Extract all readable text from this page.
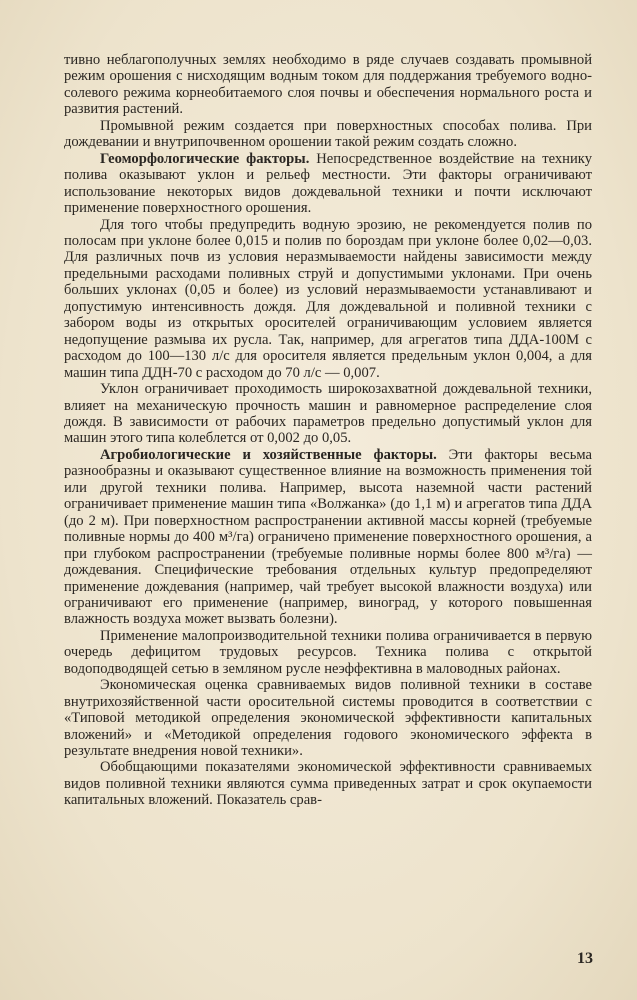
тивно неблагополучных землях необходимо в ряде случаев создавать промывной режим орошения с нисходящим водным током для поддержания требуемого водно-солевого режима корнеобитаемого слоя почвы и обеспечения нормального роста и развития растений.

Промывной режим создается при поверхностных способах полива. При дождевании и внутрипочвенном орошении такой режим создать сложно.

Геоморфологические факторы. Непосредственное воздействие на технику полива оказывают уклон и рельеф местности. Эти факторы ограничивают использование некоторых видов дождевальной техники и почти исключают применение поверхностного орошения.

Для того чтобы предупредить водную эрозию, не рекомендуется полив по полосам при уклоне более 0,015 и полив по бороздам при уклоне более 0,02—0,03. Для различных почв из условия неразмываемости найдены зависимости между предельными расходами поливных струй и допустимыми уклонами. При очень больших уклонах (0,05 и более) из условий неразмываемости устанавливают и допустимую интенсивность дождя. Для дождевальной и поливной техники с забором воды из открытых оросителей ограничивающим условием является недопущение размыва их русла. Так, например, для агрегатов типа ДДА-100М с расходом до 100—130 л/с для оросителя является предельным уклон 0,004, а для машин типа ДДН-70 с расходом до 70 л/с — 0,007.

Уклон ограничивает проходимость широкозахватной дождевальной техники, влияет на механическую прочность машин и равномерное распределение слоя дождя. В зависимости от рабочих параметров предельно допустимый уклон для машин этого типа колеблется от 0,002 до 0,05.

Агробиологические и хозяйственные факторы. Эти факторы весьма разнообразны и оказывают существенное влияние на возможность применения той или другой техники полива. Например, высота наземной части растений ограничивает применение машин типа «Волжанка» (до 1,1 м) и агрегатов типа ДДА (до 2 м). При поверхностном распространении активной массы корней (требуемые поливные нормы до 400 м³/га) ограничено применение поверхностного орошения, а при глубоком распространении (требуемые поливные нормы более 800 м³/га) — дождевания. Специфические требования отдельных культур предопределяют применение дождевания (например, чай требует высокой влажности воздуха) или ограничивают его применение (например, виноград, у которого повышенная влажность воздуха может вызвать болезни).

Применение малопроизводительной техники полива ограничивается в первую очередь дефицитом трудовых ресурсов. Техника полива с открытой водоподводящей сетью в земляном русле неэффективна в маловодных районах.

Экономическая оценка сравниваемых видов поливной техники в составе внутрихозяйственной части оросительной системы проводится в соответствии с «Типовой методикой определения экономической эффективности капитальных вложений» и «Методикой определения годового экономического эффекта в результате внедрения новой техники».

Обобщающими показателями экономической эффективности сравниваемых видов поливной техники являются сумма приведенных затрат и срок окупаемости капитальных вложений. Показатель срав-

13
